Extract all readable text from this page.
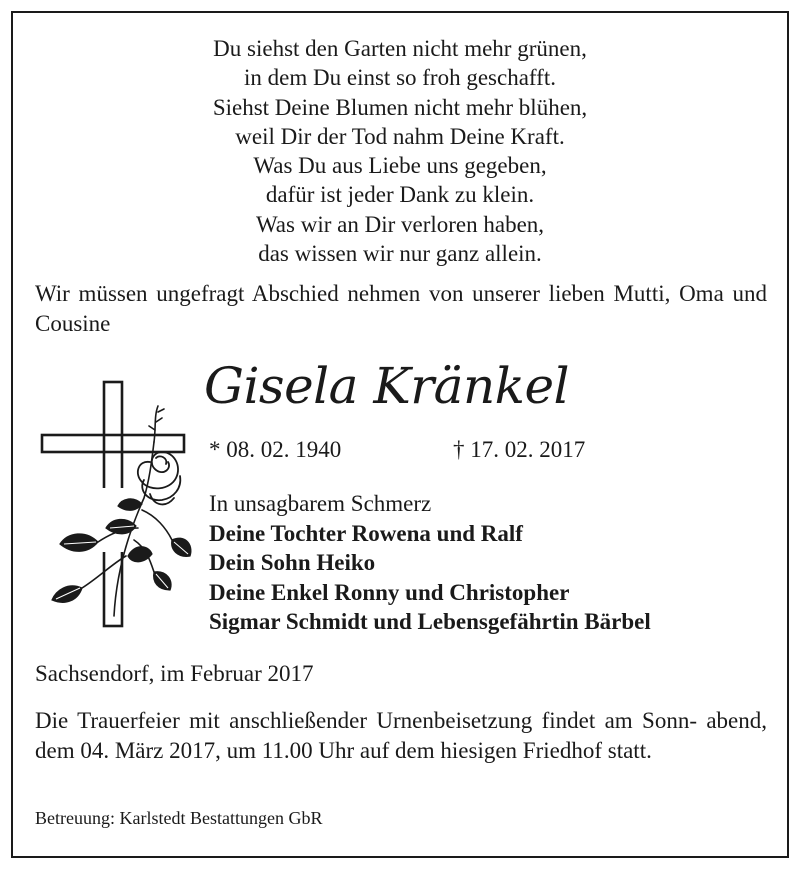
Du siehst den Garten nicht mehr grünen,
in dem Du einst so froh geschafft.
Siehst Deine Blumen nicht mehr blühen,
weil Dir der Tod nahm Deine Kraft.
Was Du aus Liebe uns gegeben,
dafür ist jeder Dank zu klein.
Was wir an Dir verloren haben,
das wissen wir nur ganz allein.
Wir müssen ungefragt Abschied nehmen von unserer lieben Mutti, Oma und Cousine
Gisela Kränkel
* 08. 02. 1940	† 17. 02. 2017
In unsagbarem Schmerz
Deine Tochter Rowena und Ralf
Dein Sohn Heiko
Deine Enkel Ronny und Christopher
Sigmar Schmidt und Lebensgefährtin Bärbel
Sachsendorf, im Februar 2017
Die Trauerfeier mit anschließender Urnenbeisetzung findet am Sonn- abend, dem 04. März 2017, um 11.00 Uhr auf dem hiesigen Friedhof statt.
Betreuung: Karlstedt Bestattungen GbR
